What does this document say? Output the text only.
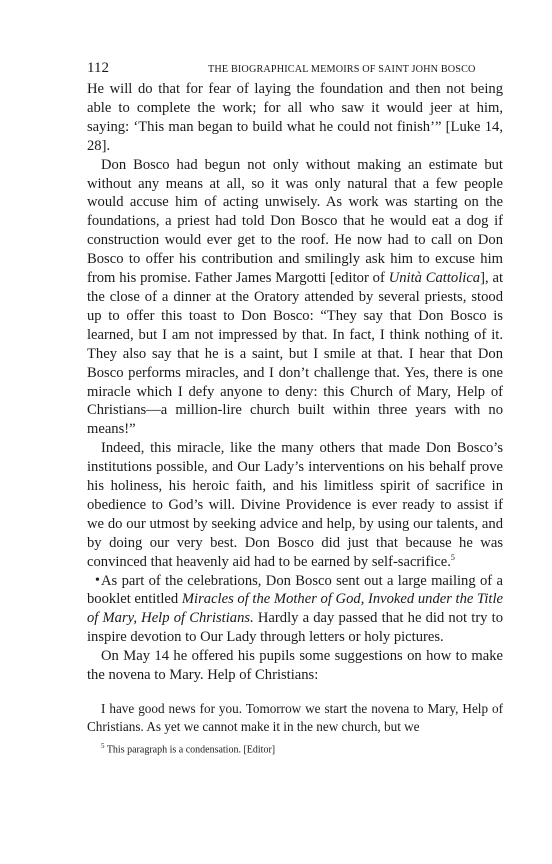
112	THE BIOGRAPHICAL MEMOIRS OF SAINT JOHN BOSCO

He will do that for fear of laying the foundation and then not being able to complete the work; for all who saw it would jeer at him, saying: ‘This man began to build what he could not finish’” [Luke 14, 28].

Don Bosco had begun not only without making an estimate but without any means at all, so it was only natural that a few people would accuse him of acting unwisely. As work was starting on the foundations, a priest had told Don Bosco that he would eat a dog if construction would ever get to the roof. He now had to call on Don Bosco to offer his contribution and smilingly ask him to excuse him from his promise. Father James Margotti [editor of Unità Cattolica], at the close of a dinner at the Oratory attended by several priests, stood up to offer this toast to Don Bosco: “They say that Don Bosco is learned, but I am not impressed by that. In fact, I think nothing of it. They also say that he is a saint, but I smile at that. I hear that Don Bosco performs miracles, and I don’t challenge that. Yes, there is one miracle which I defy anyone to deny: this Church of Mary, Help of Christians—a million-lire church built within three years with no means!”

Indeed, this miracle, like the many others that made Don Bosco’s institutions possible, and Our Lady’s interventions on his behalf prove his holiness, his heroic faith, and his limitless spirit of sacrifice in obedience to God’s will. Divine Providence is ever ready to assist if we do our utmost by seeking advice and help, by using our talents, and by doing our very best. Don Bosco did just that because he was convinced that heavenly aid had to be earned by self-sacrifice.$^5$

• As part of the celebrations, Don Bosco sent out a large mailing of a booklet entitled Miracles of the Mother of God, Invoked under the Title of Mary, Help of Christians. Hardly a day passed that he did not try to inspire devotion to Our Lady through letters or holy pictures.

On May 14 he offered his pupils some suggestions on how to make the novena to Mary. Help of Christians:

I have good news for you. Tomorrow we start the novena to Mary, Help of Christians. As yet we cannot make it in the new church, but we
$^5$ This paragraph is a condensation. [Editor]
